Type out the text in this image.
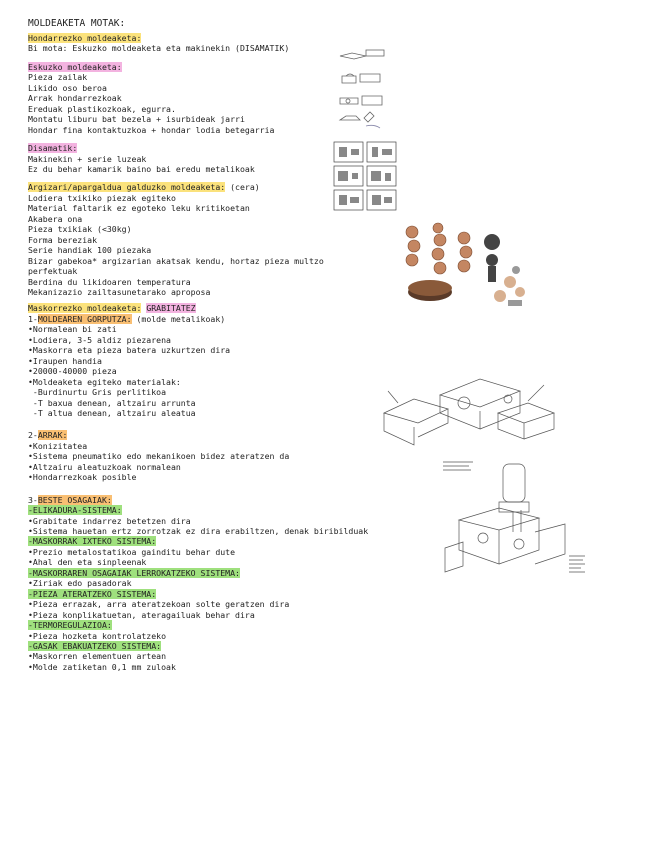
MOLDEAKETA MOTAK:
Hondarrezko moldeaketa:
Bi mota: Eskuzko moldeaketa eta makinekin (DISAMATIK)
Eskuzko moldeaketa:
Pieza zailak
Likido oso beroa
Arrak hondarrezkoak
Ereduak plastikozkoak, egurra.
Montatu liburu bat bezela + isurbideak jarri
Hondar fina kontaktuzkoa + hondar lodia betegarria
Disamatik:
Makinekin + serie luzeak
Ez du behar kamarik baino bai eredu metalikoak
Argizari/apargaldua galduzko moldeaketa: (cera)
Lodiera txikiko piezak egiteko
Material faltarik ez egoteko leku kritikoetan
Akabera ona
Pieza txikiak (<30kg)
Forma bereziak
Serie handiak 100 piezaka
Bizar gabekoa* argizarian akatsak kendu, hortaz pieza multzo
perfektuak
Berdina du likidoaren temperatura
Mekanizazio zailtasunetarako aproposa
Maskorrezko moldeaketa: GRABITATEZ
1-MOLDEAREN GORPUTZA: (molde metalikoak)
•Normalean bi zati
•Lodiera, 3-5 aldiz piezarena
•Maskorra eta pieza batera uzkurtzen dira
•Iraupen handia
•20000-40000 pieza
•Moldeaketa egiteko materialak:
-Burdinurtu Gris perlitikoa
-T baxua denean, altzairu arrunta
-T altua denean, altzairu aleatua
2-ARRAK:
•Konizitatea
•Sistema pneumatiko edo mekanikoen bidez ateratzen da
•Altzairu aleatuzkoak normalean
•Hondarrezkoak posible
3-BESTE OSAGAIAK:
-ELIKADURA-SISTEMA:
•Grabitate indarrez betetzen dira
•Sistema hauetan ertz zorrotzak ez dira erabiltzen, denak biribilduak
-MASKORRAK IXTEKO SISTEMA:
•Prezio metalostatikoa gainditu behar dute
•Ahal den eta sinpleenak
-MASKORRAREN OSAGAIAK LERROKATZEKO SISTEMA:
•Ziriak edo pasadorak
-PIEZA ATERATZEKO SISTEMA:
•Pieza errazak, arra ateratzekoan solte geratzen dira
•Pieza konplikatuetan, ateragailuak behar dira
-TERMOREGULAZIOA:
•Pieza hozketa kontrolatzeko
-GASAK EBAKUATZEKO SISTEMA:
•Maskorren elementuen artean
•Molde zatiketan 0,1 mm zuloak
